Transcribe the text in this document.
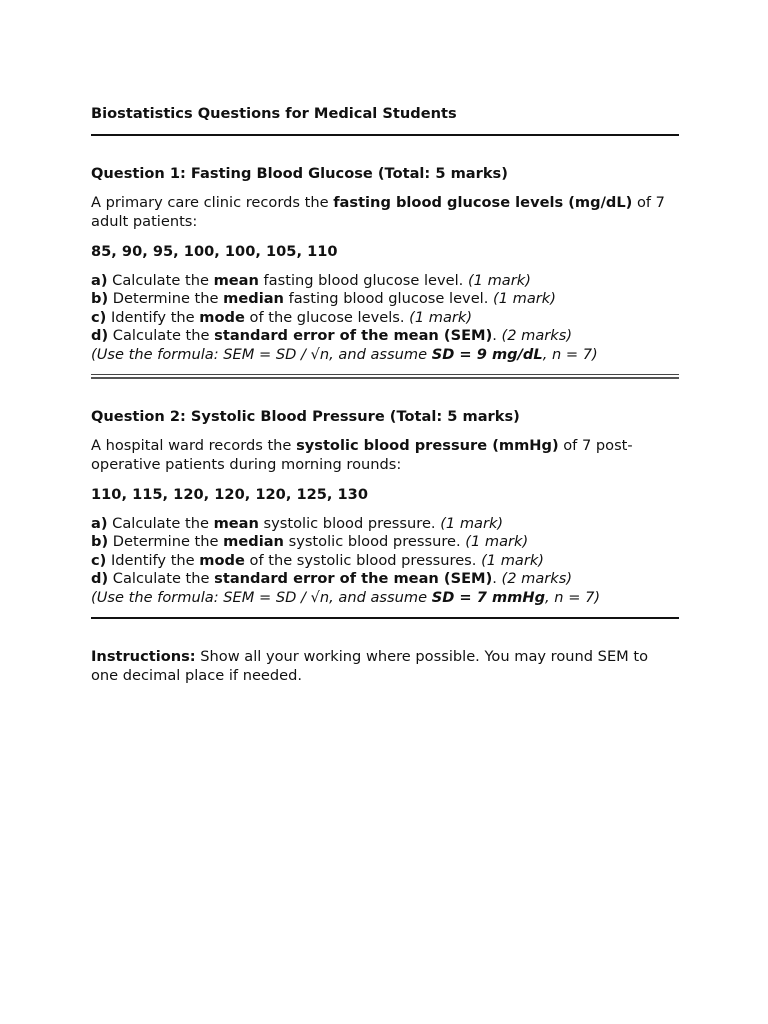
Biostatistics Questions for Medical Students
Question 1: Fasting Blood Glucose (Total: 5 marks)

A primary care clinic records the fasting blood glucose levels (mg/dL) of 7 adult patients:

85, 90, 95, 100, 100, 105, 110
a) Calculate the mean fasting blood glucose level. (1 mark)
b) Determine the median fasting blood glucose level. (1 mark)
c) Identify the mode of the glucose levels. (1 mark)
d) Calculate the standard error of the mean (SEM). (2 marks)
(Use the formula: SEM = SD / √n, and assume SD = 9 mg/dL, n = 7)
Question 2: Systolic Blood Pressure (Total: 5 marks)

A hospital ward records the systolic blood pressure (mmHg) of 7 post-operative patients during morning rounds:

110, 115, 120, 120, 120, 125, 130
a) Calculate the mean systolic blood pressure. (1 mark)
b) Determine the median systolic blood pressure. (1 mark)
c) Identify the mode of the systolic blood pressures. (1 mark)
d) Calculate the standard error of the mean (SEM). (2 marks)
(Use the formula: SEM = SD / √n, and assume SD = 7 mmHg, n = 7)

Instructions: Show all your working where possible. You may round SEM to one decimal place if needed.
